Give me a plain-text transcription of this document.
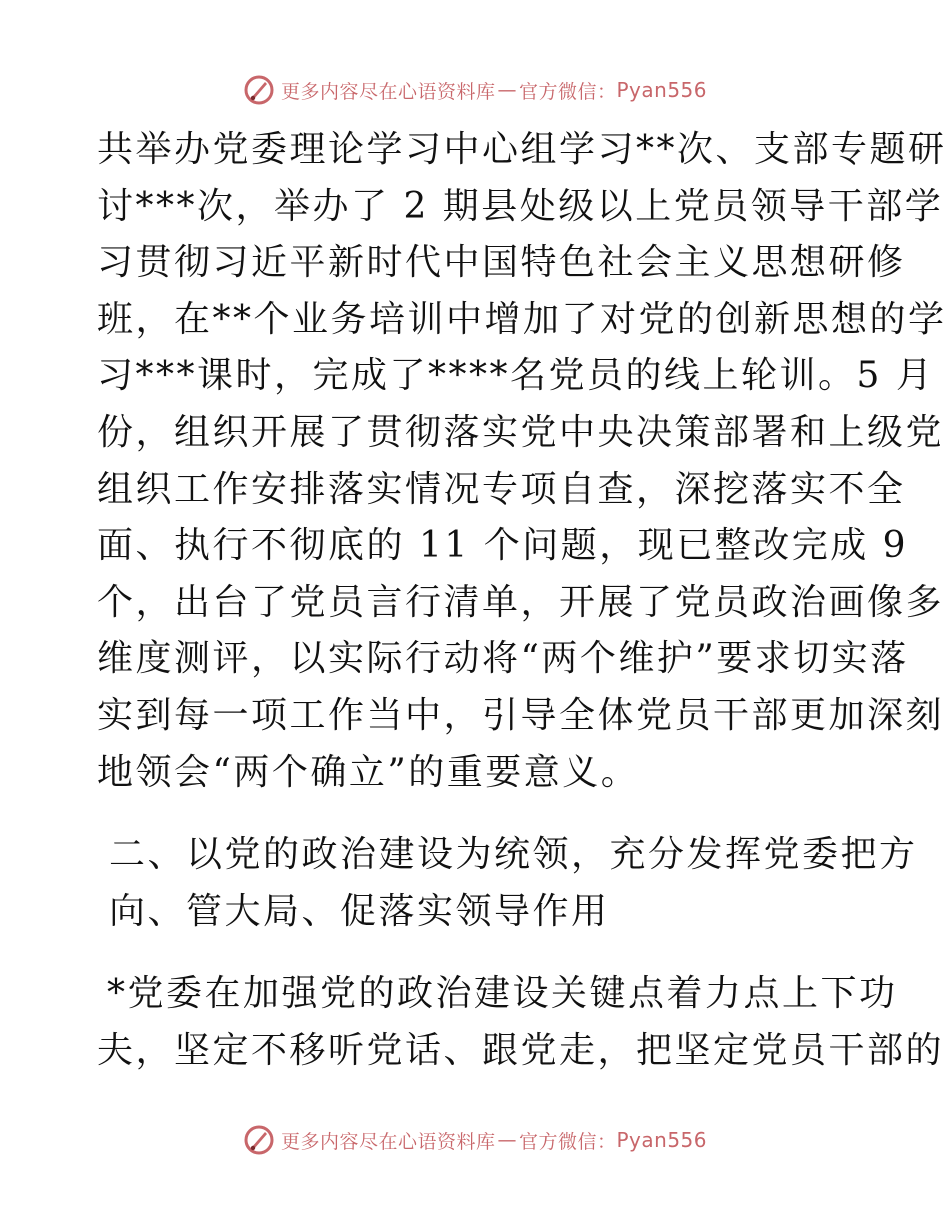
更多内容尽在心语资料库 — 官方微信： Pyan556

共举办党委理论学习中心组学习**次、支部专题研
讨***次，举办了 2 期县处级以上党员领导干部学
习贯彻习近平新时代中国特色社会主义思想研修
班，在**个业务培训中增加了对党的创新思想的学
习***课时，完成了****名党员的线上轮训。5 月
份，组织开展了贯彻落实党中央决策部署和上级党
组织工作安排落实情况专项自查，深挖落实不全
面、执行不彻底的 11 个问题，现已整改完成 9
个，出台了党员言行清单，开展了党员政治画像多
维度测评，以实际行动将“两个维护”要求切实落
实到每一项工作当中，引导全体党员干部更加深刻
地领会“两个确立”的重要意义。

二、以党的政治建设为统领，充分发挥党委把方
向、管大局、促落实领导作用

*党委在加强党的政治建设关键点着力点上下功
夫，坚定不移听党话、跟党走，把坚定党员干部的

更多内容尽在心语资料库 — 官方微信： Pyan556
